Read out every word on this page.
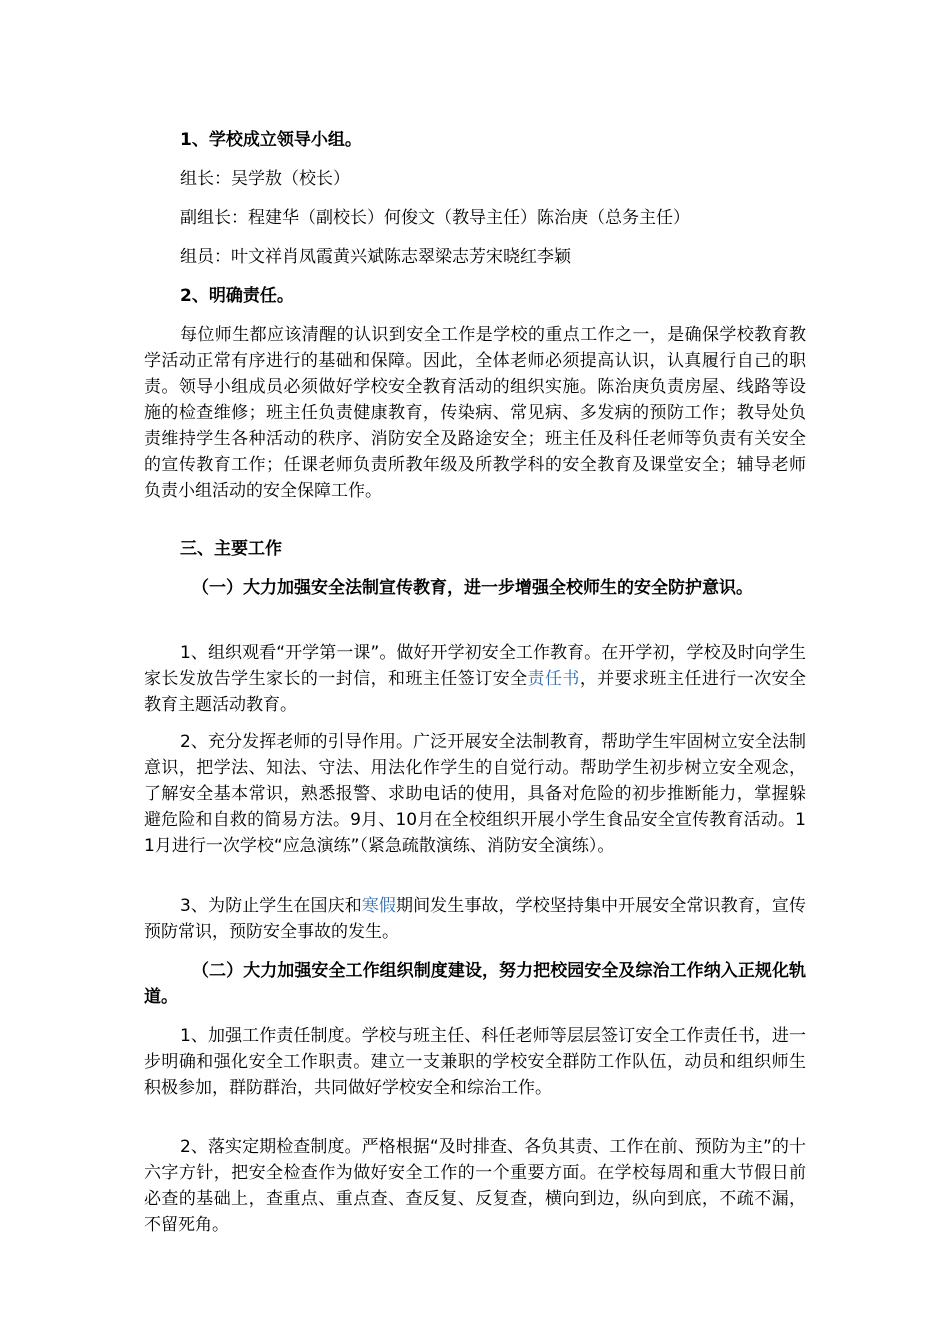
1、学校成立领导小组。

组长：吴学敖（校长）

副组长：程建华（副校长）何俊文（教导主任）陈治庚（总务主任）

组员：叶文祥肖凤霞黄兴斌陈志翠梁志芳宋晓红李颖

2、明确责任。

每位师生都应该清醒的认识到安全工作是学校的重点工作之一，是确保学校教育教学活动正常有序进行的基础和保障。因此，全体老师必须提高认识，认真履行自己的职责。领导小组成员必须做好学校安全教育活动的组织实施。陈治庚负责房屋、线路等设施的检查维修；班主任负责健康教育，传染病、常见病、多发病的预防工作；教导处负责维持学生各种活动的秩序、消防安全及路途安全；班主任及科任老师等负责有关安全的宣传教育工作；任课老师负责所教年级及所教学科的安全教育及课堂安全；辅导老师负责小组活动的安全保障工作。

三、主要工作

（一）大力加强安全法制宣传教育，进一步增强全校师生的安全防护意识。

1、组织观看“开学第一课”。做好开学初安全工作教育。在开学初，学校及时向学生家长发放告学生家长的一封信，和班主任签订安全责任书，并要求班主任进行一次安全教育主题活动教育。

2、充分发挥老师的引导作用。广泛开展安全法制教育，帮助学生牢固树立安全法制意识，把学法、知法、守法、用法化作学生的自觉行动。帮助学生初步树立安全观念，了解安全基本常识，熟悉报警、求助电话的使用，具备对危险的初步推断能力，掌握躲避危险和自救的简易方法。9月、10月在全校组织开展小学生食品安全宣传教育活动。11月进行一次学校“应急演练”（紧急疏散演练、消防安全演练）。

3、为防止学生在国庆和寒假期间发生事故，学校坚持集中开展安全常识教育，宣传预防常识，预防安全事故的发生。

（二）大力加强安全工作组织制度建设，努力把校园安全及综治工作纳入正规化轨道。

1、加强工作责任制度。学校与班主任、科任老师等层层签订安全工作责任书，进一步明确和强化安全工作职责。建立一支兼职的学校安全群防工作队伍，动员和组织师生积极参加，群防群治，共同做好学校安全和综治工作。

2、落实定期检查制度。严格根据“及时排查、各负其责、工作在前、预防为主”的十六字方针，把安全检查作为做好安全工作的一个重要方面。在学校每周和重大节假日前必查的基础上，查重点、重点查、查反复、反复查，横向到边，纵向到底，不疏不漏，不留死角。
